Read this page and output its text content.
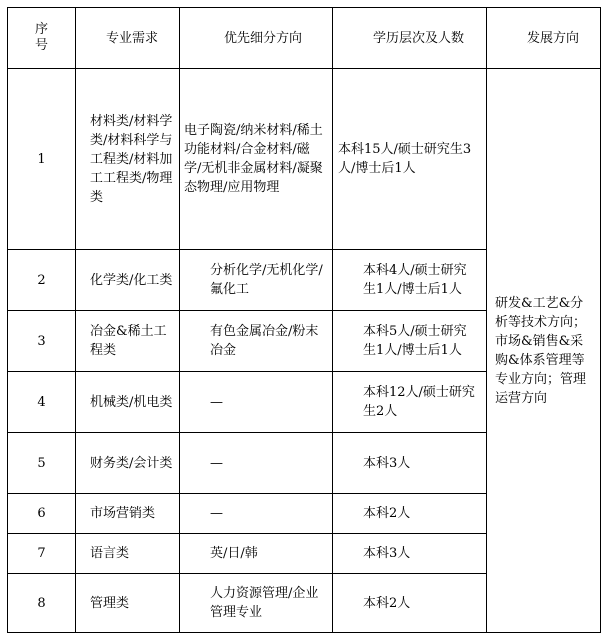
序号	专业需求	优先细分方向	学历层次及人数	发展方向
1	材料类/材料学类/材料科学与工程类/材料加工工程类/物理类	电子陶瓷/纳米材料/稀土功能材料/合金材料/磁学/无机非金属材料/凝聚态物理/应用物理	本科15人/硕士研究生3人/博士后1人	研发&工艺&分析等技术方向；市场&销售&采购&体系管理等专业方向；管理运营方向

2	化学类/化工类	分析化学/无机化学/氟化工	本科4人/硕士研究生1人/博士后1人	
3	冶金&稀土工程类	有色金属冶金/粉末冶金	本科5人/硕士研究生1人/博士后1人	
4	机械类/机电类	—	本科12人/硕士研究生2人	
5	财务类/会计类	—	本科3人	
6	市场营销类	—	本科2人	
7	语言类	英/日/韩	本科3人	
8	管理类	人力资源管理/企业管理专业	本科2人	
